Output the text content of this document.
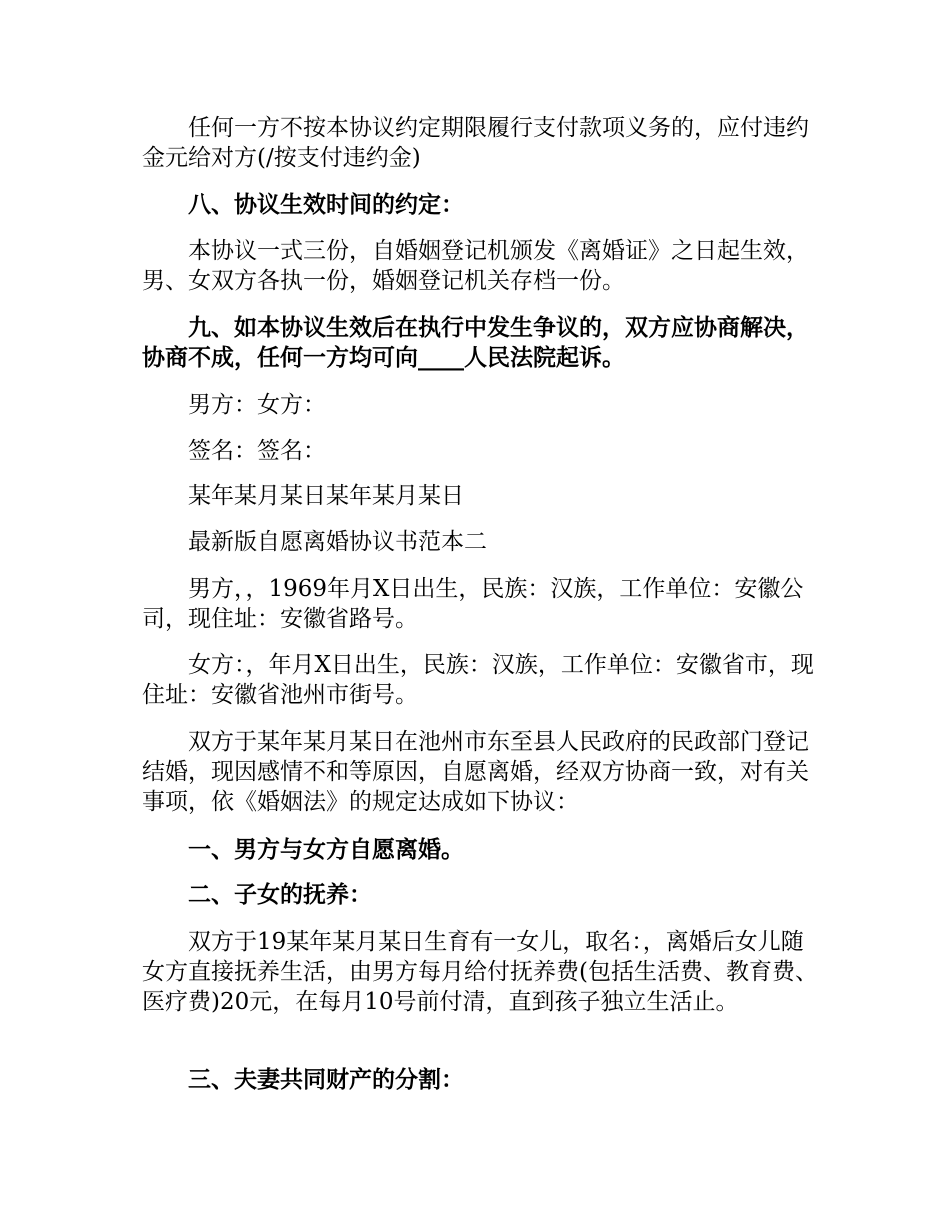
任何一方不按本协议约定期限履行支付款项义务的，应付违约金元给对方(/按支付违约金)
八、协议生效时间的约定：
本协议一式三份，自婚姻登记机颁发《离婚证》之日起生效，男、女双方各执一份，婚姻登记机关存档一份。
九、如本协议生效后在执行中发生争议的，双方应协商解决，协商不成，任何一方均可向____人民法院起诉。
男方：女方：
签名：签名：
某年某月某日某年某月某日
最新版自愿离婚协议书范本二
男方，，1969年月X日出生，民族：汉族，工作单位：安徽公司，现住址：安徽省路号。
女方：，年月X日出生，民族：汉族，工作单位：安徽省市，现住址：安徽省池州市街号。
双方于某年某月某日在池州市东至县人民政府的民政部门登记结婚，现因感情不和等原因，自愿离婚，经双方协商一致，对有关事项，依《婚姻法》的规定达成如下协议：
一、男方与女方自愿离婚。
二、子女的抚养：
双方于19某年某月某日生育有一女儿，取名：，离婚后女儿随女方直接抚养生活，由男方每月给付抚养费(包括生活费、教育费、医疗费)20元，在每月10号前付清，直到孩子独立生活止。
三、夫妻共同财产的分割：
